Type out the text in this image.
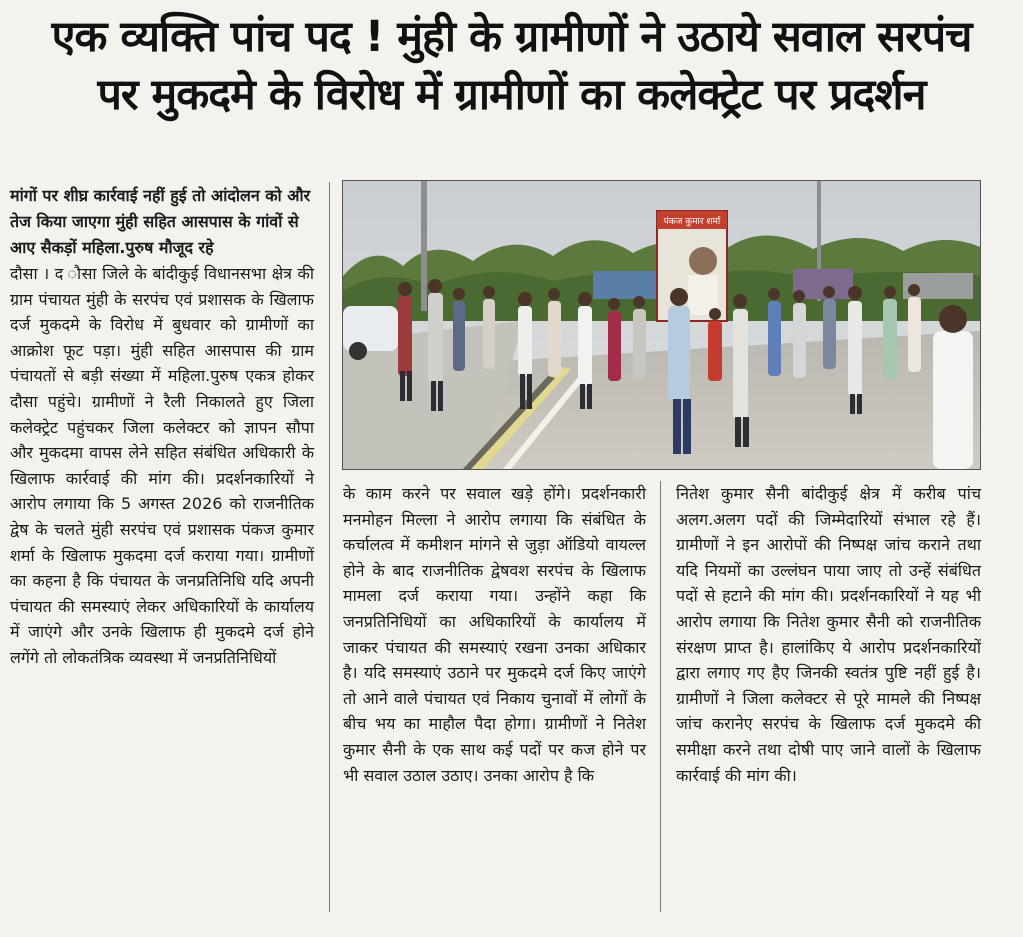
एक व्यक्ति पांच पद ! मुंही के ग्रामीणों ने उठाये सवाल सरपंच
पर मुकदमे के विरोध में ग्रामीणों का कलेक्ट्रेट पर प्रदर्शन

मांगों पर शीघ्र कार्रवाई नहीं हुई तो आंदोलन को और तेज किया जाएगा मुंही सहित आसपास के गांवों से आए सैकड़ों महिला.पुरुष मौजूद रहे

दौसा । द ौसा जिले के बांदीकुई विधानसभा क्षेत्र की ग्राम पंचायत मुंही के सरपंच एवं प्रशासक के खिलाफ दर्ज मुकदमे के विरोध में बुधवार को ग्रामीणों का आक्रोश फूट पड़ा। मुंही सहित आसपास की ग्राम पंचायतों से बड़ी संख्या में महिला.पुरुष एकत्र होकर दौसा पहुंचे। ग्रामीणों ने रैली निकालते हुए जिला कलेक्ट्रेट पहुंचकर जिला कलेक्टर को ज्ञापन सौपा और मुकदमा वापस लेने सहित संबंधित अधिकारी के खिलाफ कार्रवाई की मांग की। प्रदर्शनकारियों ने आरोप लगाया कि 5 अगस्त 2026 को राजनीतिक द्वेष के चलते मुंही सरपंच एवं प्रशासक पंकज कुमार शर्मा के खिलाफ मुकदमा दर्ज कराया गया। ग्रामीणों का कहना है कि पंचायत के जनप्रतिनिधि यदि अपनी पंचायत की समस्याएं लेकर अधिकारियों के कार्यालय में जाएंगे और उनके खिलाफ ही मुकदमे दर्ज होने लगेंगे तो लोकतंत्रिक व्यवस्था में जनप्रतिनिधियों

पंकज कुमार शर्मा

के काम करने पर सवाल खड़े होंगे। प्रदर्शनकारी मनमोहन मिल्ला ने आरोप लगाया कि संबंधित के कर्चालत्व में कमीशन मांगने से जुड़ा ऑडियो वायल्ल होने के बाद राजनीतिक द्वेषवश सरपंच के खिलाफ मामला दर्ज कराया गया। उन्होंने कहा कि जनप्रतिनिधियों का अधिकारियों के कार्यालय में जाकर पंचायत की समस्याएं रखना उनका अधिकार है। यदि समस्याएं उठाने पर मुकदमे दर्ज किए जाएंगे तो आने वाले पंचायत एवं निकाय चुनावों में लोगों के बीच भय का माहौल पैदा होगा। ग्रामीणों ने नितेश कुमार सैनी के एक साथ कई पदों पर कज होने पर भी सवाल उठाल उठाए। उनका आरोप है कि

नितेश कुमार सैनी बांदीकुई क्षेत्र में करीब पांच अलग.अलग पदों की जिम्मेदारियों संभाल रहे हैं। ग्रामीणों ने इन आरोपों की निष्पक्ष जांच कराने तथा यदि नियमों का उल्लंघन पाया जाए तो उन्हें संबंधित पदों से हटाने की मांग की। प्रदर्शनकारियों ने यह भी आरोप लगाया कि नितेश कुमार सैनी को राजनीतिक संरक्षण प्राप्त है। हालांकिए ये आरोप प्रदर्शनकारियों द्वारा लगाए गए हैए जिनकी स्वतंत्र पुष्टि नहीं हुई है। ग्रामीणों ने जिला कलेक्टर से पूरे मामले की निष्पक्ष जांच करानेए सरपंच के खिलाफ दर्ज मुकदमे की समीक्षा करने तथा दोषी पाए जाने वालों के खिलाफ कार्रवाई की मांग की।
